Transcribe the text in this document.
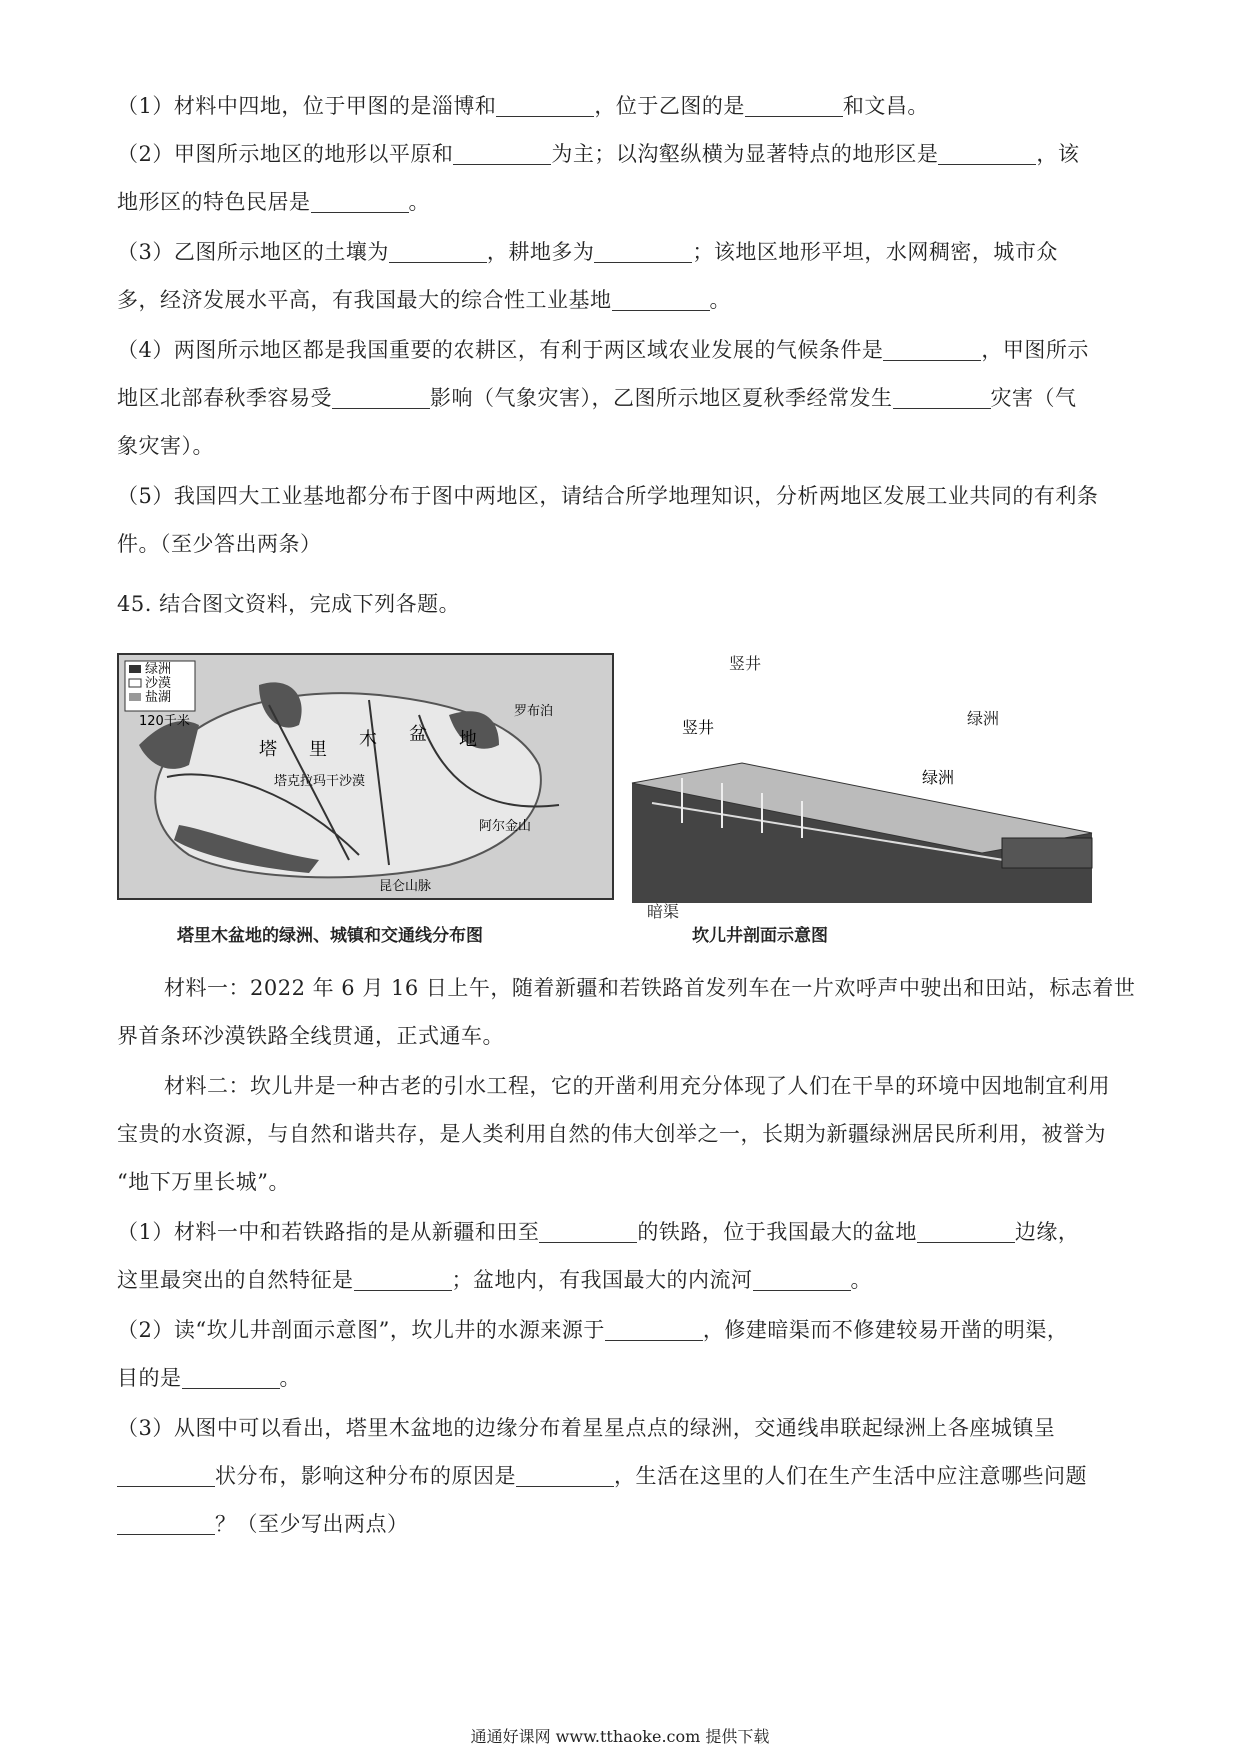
（1）材料中四地，位于甲图的是淄博和	，位于乙图的是	和文昌。
（2）甲图所示地区的地形以平原和	为主；以沟壑纵横为显著特点的地形区是	，该
地形区的特色民居是	。
（3）乙图所示地区的土壤为	，耕地多为	；该地区地形平坦，水网稠密，城市众
多，经济发展水平高，有我国最大的综合性工业基地	。
（4）两图所示地区都是我国重要的农耕区，有利于两区域农业发展的气候条件是	，甲图所示
地区北部春秋季容易受	影响（气象灾害），乙图所示地区夏秋季经常发生	灾害（气
象灾害）。
（5）我国四大工业基地都分布于图中两地区，请结合所学地理知识，分析两地区发展工业共同的有利条
件。（至少答出两条）
45. 结合图文资料，完成下列各题。
绿洲
沙漠
盐湖
120千米
塔 里 木 盆 地
塔克拉玛干沙漠
阿尔金山
昆仑山脉
罗布泊
塔里木盆地的绿洲、城镇和交通线分布图
竖井
绿洲
竖井
绿洲
暗渠
坎儿井剖面示意图
材料一：2022 年 6 月 16 日上午，随着新疆和若铁路首发列车在一片欢呼声中驶出和田站，标志着世
界首条环沙漠铁路全线贯通，正式通车。
材料二：坎儿井是一种古老的引水工程，它的开凿利用充分体现了人们在干旱的环境中因地制宜利用
宝贵的水资源，与自然和谐共存，是人类利用自然的伟大创举之一，长期为新疆绿洲居民所利用，被誉为
“地下万里长城”。
（1）材料一中和若铁路指的是从新疆和田至	的铁路，位于我国最大的盆地	边缘，
这里最突出的自然特征是	；盆地内，有我国最大的内流河	。
（2）读“坎儿井剖面示意图”，坎儿井的水源来源于	，修建暗渠而不修建较易开凿的明渠，
目的是	。
（3）从图中可以看出，塔里木盆地的边缘分布着星星点点的绿洲，交通线串联起绿洲上各座城镇呈
状分布，影响这种分布的原因是	，生活在这里的人们在生产生活中应注意哪些问题
？（至少写出两点）
通通好课网 www.tthaoke.com 提供下载
